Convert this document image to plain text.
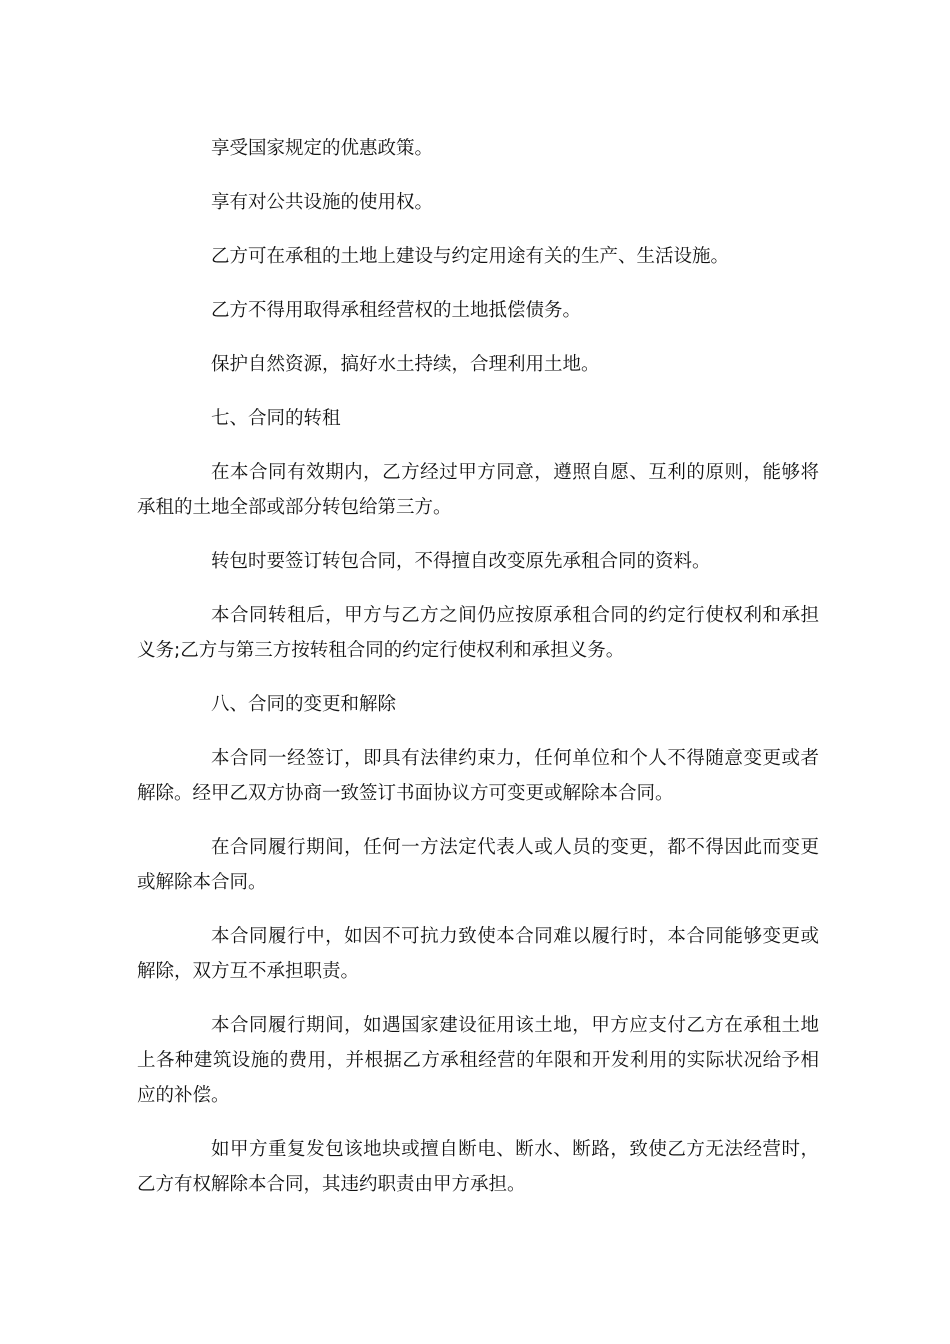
享受国家规定的优惠政策。

享有对公共设施的使用权。

乙方可在承租的土地上建设与约定用途有关的生产、生活设施。

乙方不得用取得承租经营权的土地抵偿债务。

保护自然资源，搞好水土持续，合理利用土地。

七、合同的转租

在本合同有效期内，乙方经过甲方同意，遵照自愿、互利的原则，能够将承租的土地全部或部分转包给第三方。

转包时要签订转包合同，不得擅自改变原先承租合同的资料。

本合同转租后，甲方与乙方之间仍应按原承租合同的约定行使权利和承担义务;乙方与第三方按转租合同的约定行使权利和承担义务。

八、合同的变更和解除

本合同一经签订，即具有法律约束力，任何单位和个人不得随意变更或者解除。经甲乙双方协商一致签订书面协议方可变更或解除本合同。

在合同履行期间，任何一方法定代表人或人员的变更，都不得因此而变更或解除本合同。

本合同履行中，如因不可抗力致使本合同难以履行时，本合同能够变更或解除，双方互不承担职责。

本合同履行期间，如遇国家建设征用该土地，甲方应支付乙方在承租土地上各种建筑设施的费用，并根据乙方承租经营的年限和开发利用的实际状况给予相应的补偿。

如甲方重复发包该地块或擅自断电、断水、断路，致使乙方无法经营时，乙方有权解除本合同，其违约职责由甲方承担。
